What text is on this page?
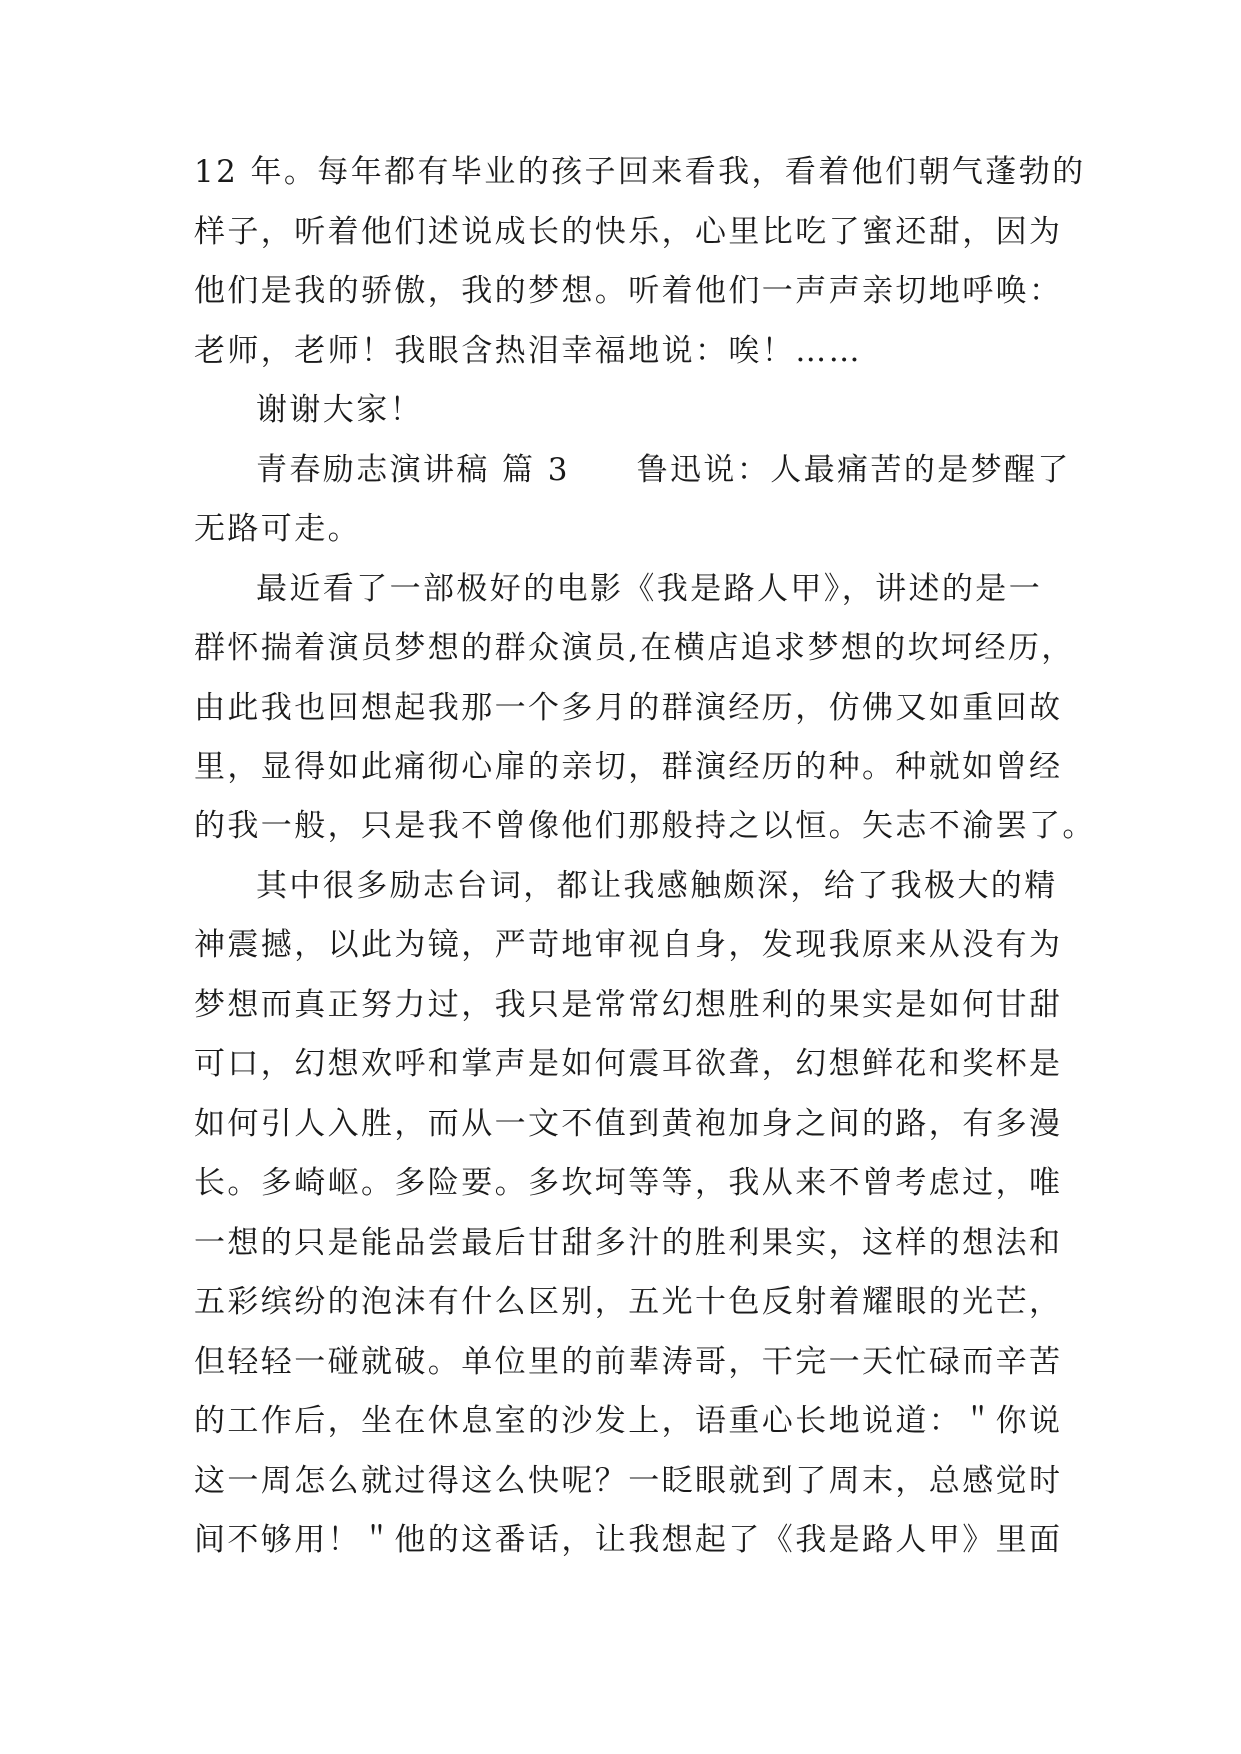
12 年。每年都有毕业的孩子回来看我，看着他们朝气蓬勃的
样子，听着他们述说成长的快乐，心里比吃了蜜还甜，因为
他们是我的骄傲，我的梦想。听着他们一声声亲切地呼唤：
老师，老师！我眼含热泪幸福地说：唉！……
谢谢大家！
青春励志演讲稿 篇 3　　鲁迅说：人最痛苦的是梦醒了
无路可走。
最近看了一部极好的电影《我是路人甲》，讲述的是一
群怀揣着演员梦想的群众演员,在横店追求梦想的坎坷经历，
由此我也回想起我那一个多月的群演经历，仿佛又如重回故
里，显得如此痛彻心扉的亲切，群演经历的种。种就如曾经
的我一般，只是我不曾像他们那般持之以恒。矢志不渝罢了。
其中很多励志台词，都让我感触颇深，给了我极大的精
神震撼，以此为镜，严苛地审视自身，发现我原来从没有为
梦想而真正努力过，我只是常常幻想胜利的果实是如何甘甜
可口，幻想欢呼和掌声是如何震耳欲聋，幻想鲜花和奖杯是
如何引人入胜，而从一文不值到黄袍加身之间的路，有多漫
长。多崎岖。多险要。多坎坷等等，我从来不曾考虑过，唯
一想的只是能品尝最后甘甜多汁的胜利果实，这样的想法和
五彩缤纷的泡沫有什么区别，五光十色反射着耀眼的光芒，
但轻轻一碰就破。单位里的前辈涛哥，干完一天忙碌而辛苦
的工作后，坐在休息室的沙发上，语重心长地说道：＂你说
这一周怎么就过得这么快呢？一眨眼就到了周末，总感觉时
间不够用！＂他的这番话，让我想起了《我是路人甲》里面
